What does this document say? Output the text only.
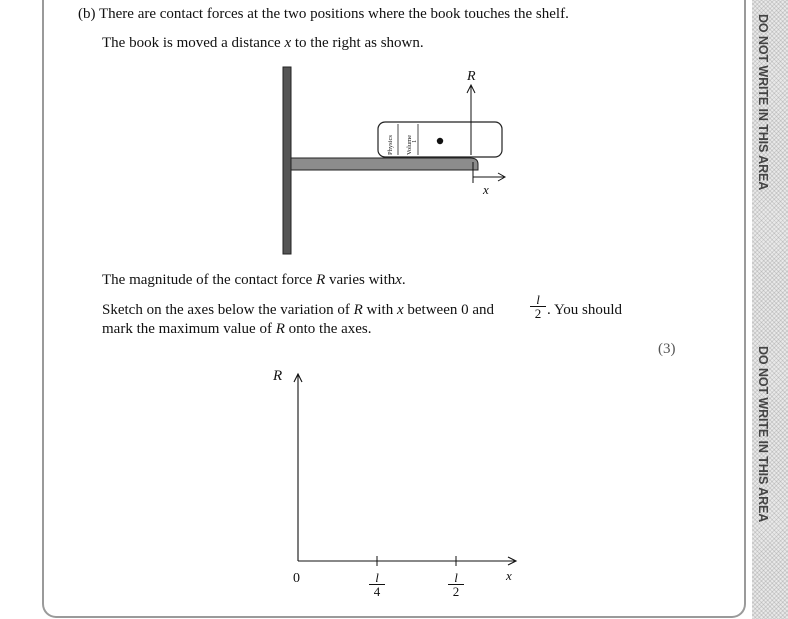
DO NOT WRITE IN THIS AREA
DO NOT WRITE IN THIS AREA
(b) There are contact forces at the two positions where the book touches the shelf.
The book is moved a distance x to the right as shown.
Physics Volume
1
R
x
The magnitude of the contact force R varies withx.
Sketch on the axes below the variation of R with x between 0 and	$\frac{l}{2}$ . You should
mark the maximum value of R onto the axes.
(3)
R
x
0	$\frac{l}{4}$	$\frac{l}{2}$
